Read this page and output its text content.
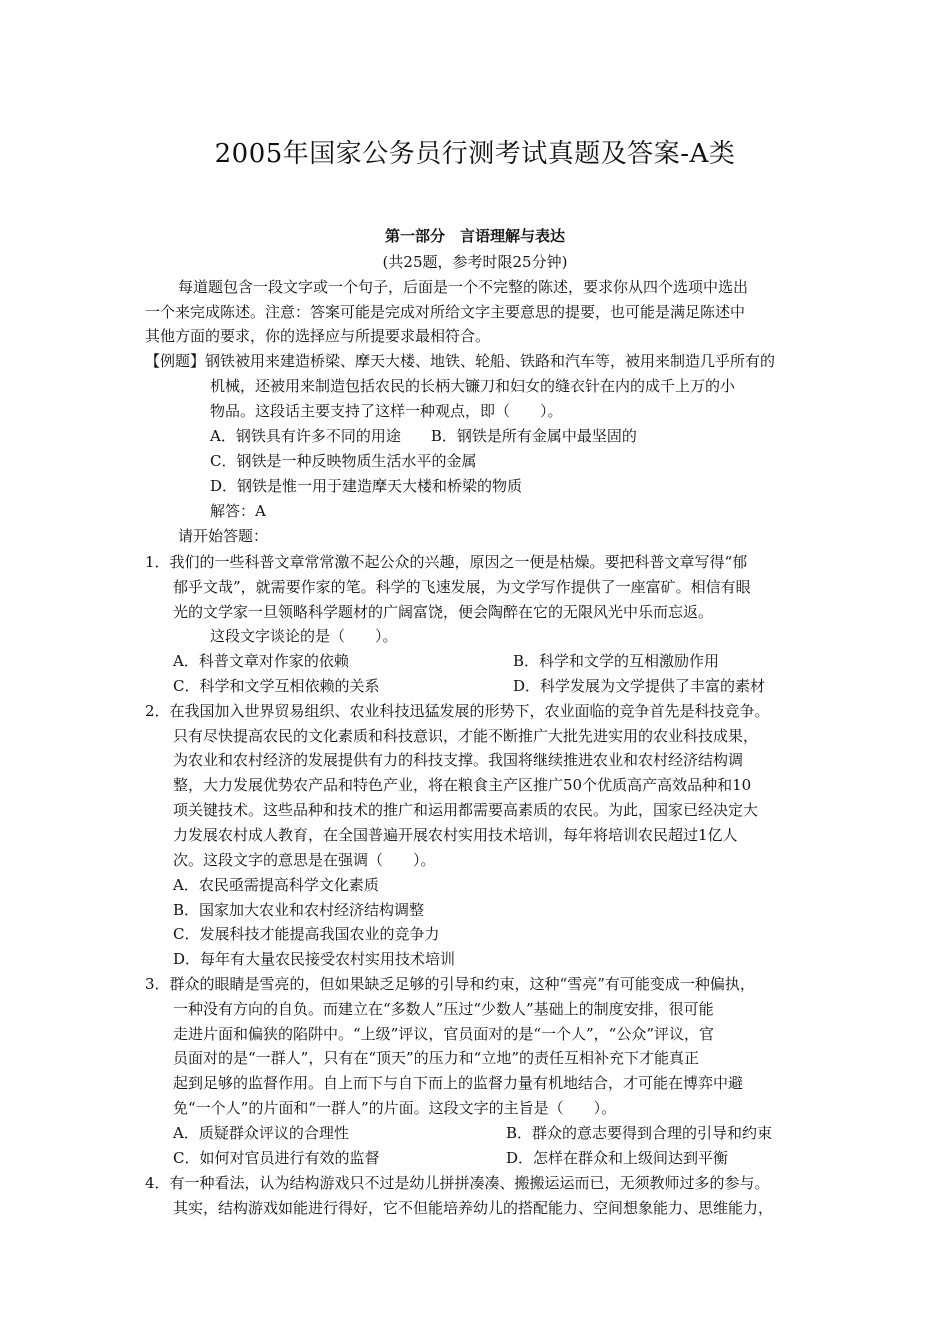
2005年国家公务员行测考试真题及答案-A类
第一部分　言语理解与表达
(共25题，参考时限25分钟)
每道题包含一段文字或一个句子，后面是一个不完整的陈述，要求你从四个选项中选出
一个来完成陈述。注意：答案可能是完成对所给文字主要意思的提要，也可能是满足陈述中
其他方面的要求，你的选择应与所提要求最相符合。
【例题】钢铁被用来建造桥梁、摩天大楼、地铁、轮船、铁路和汽车等，被用来制造几乎所有的
机械，还被用来制造包括农民的长柄大镰刀和妇女的缝衣针在内的成千上万的小
物品。这段话主要支持了这样一种观点，即（　　）。
A．钢铁具有许多不同的用途　　B．钢铁是所有金属中最坚固的
C．钢铁是一种反映物质生活水平的金属
D．钢铁是惟一用于建造摩天大楼和桥梁的物质
解答：A
请开始答题：
1．我们的一些科普文章常常激不起公众的兴趣，原因之一便是枯燥。要把科普文章写得“郁
郁乎文哉”，就需要作家的笔。科学的飞速发展，为文学写作提供了一座富矿。相信有眼
光的文学家一旦领略科学题材的广阔富饶，便会陶醉在它的无限风光中乐而忘返。
这段文字谈论的是（　　）。
A．科普文章对作家的依赖	B．科学和文学的互相激励作用
C．科学和文学互相依赖的关系	D．科学发展为文学提供了丰富的素材
2．在我国加入世界贸易组织、农业科技迅猛发展的形势下，农业面临的竞争首先是科技竞争。
只有尽快提高农民的文化素质和科技意识，才能不断推广大批先进实用的农业科技成果，
为农业和农村经济的发展提供有力的科技支撑。我国将继续推进农业和农村经济结构调
整，大力发展优势农产品和特色产业，将在粮食主产区推广50个优质高产高效品种和10
项关键技术。这些品种和技术的推广和运用都需要高素质的农民。为此，国家已经决定大
力发展农村成人教育，在全国普遍开展农村实用技术培训，每年将培训农民超过1亿人
次。这段文字的意思是在强调（　　）。
A．农民亟需提高科学文化素质
B．国家加大农业和农村经济结构调整
C．发展科技才能提高我国农业的竞争力
D．每年有大量农民接受农村实用技术培训
3．群众的眼睛是雪亮的，但如果缺乏足够的引导和约束，这种“雪亮”有可能变成一种偏执，
一种没有方向的自负。而建立在“多数人”压过“少数人”基础上的制度安排，很可能
走进片面和偏狭的陷阱中。“上级”评议，官员面对的是“一个人”，“公众”评议，官
员面对的是“一群人”，只有在“顶天”的压力和“立地”的责任互相补充下才能真正
起到足够的监督作用。自上而下与自下而上的监督力量有机地结合，才可能在博弈中避
免“一个人”的片面和“一群人”的片面。这段文字的主旨是（　　）。
A．质疑群众评议的合理性	B．群众的意志要得到合理的引导和约束
C．如何对官员进行有效的监督	D．怎样在群众和上级间达到平衡
4．有一种看法，认为结构游戏只不过是幼儿拼拼凑凑、搬搬运运而已，无须教师过多的参与。
其实，结构游戏如能进行得好，它不但能培养幼儿的搭配能力、空间想象能力、思维能力，
